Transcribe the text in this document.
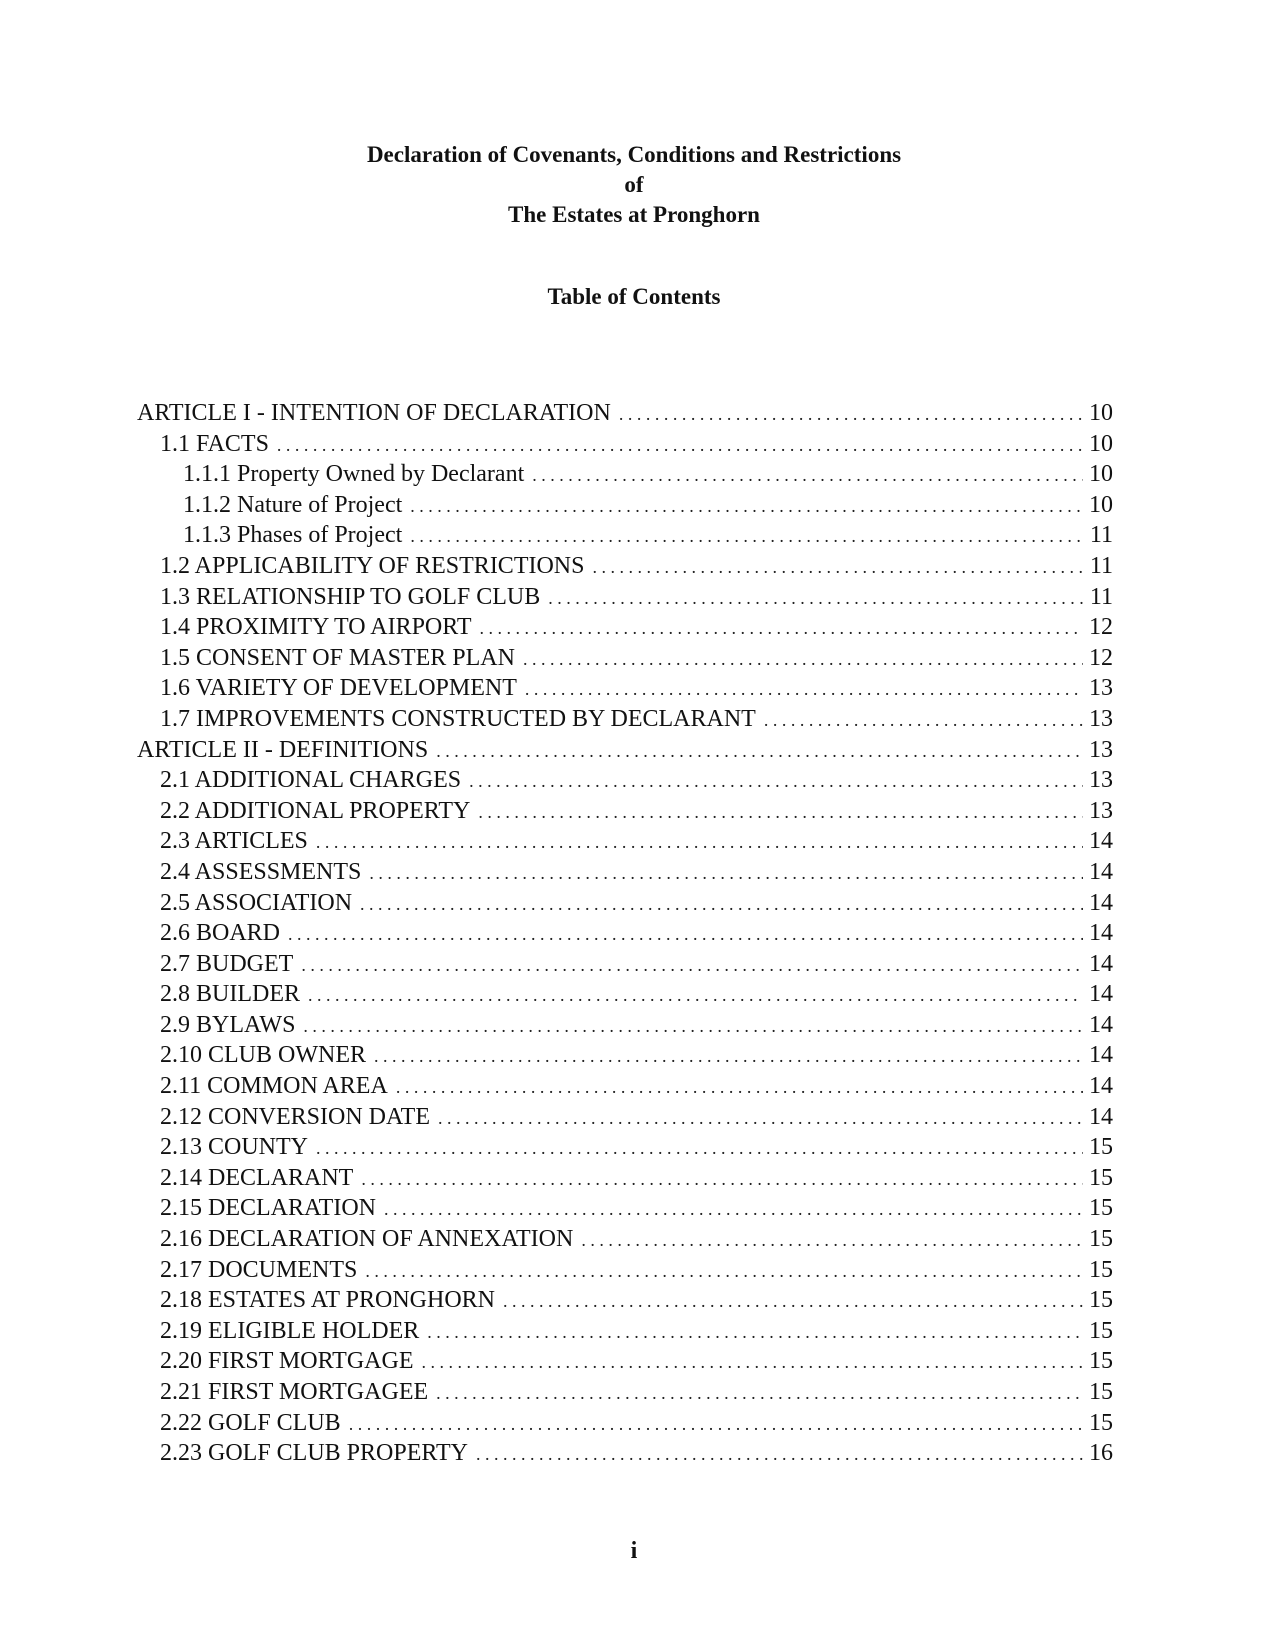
Declaration of Covenants, Conditions and Restrictions
of
The Estates at Pronghorn
Table of Contents
ARTICLE I - INTENTION OF DECLARATION . . .	10
1.1 FACTS . . .	10
1.1.1 Property Owned by Declarant . . .	10
1.1.2 Nature of Project . . .	10
1.1.3 Phases of Project . . .	11
1.2 APPLICABILITY OF RESTRICTIONS . . .	11
1.3 RELATIONSHIP TO GOLF CLUB . . .	11
1.4 PROXIMITY TO AIRPORT . . .	12
1.5 CONSENT OF MASTER PLAN . . .	12
1.6 VARIETY OF DEVELOPMENT . . .	13
1.7 IMPROVEMENTS CONSTRUCTED BY DECLARANT . . .	13
ARTICLE II - DEFINITIONS . . .	13
2.1 ADDITIONAL CHARGES . . .	13
2.2 ADDITIONAL PROPERTY . . .	13
2.3 ARTICLES . . .	14
2.4 ASSESSMENTS . . .	14
2.5 ASSOCIATION . . .	14
2.6 BOARD . . .	14
2.7 BUDGET . . .	14
2.8 BUILDER . . .	14
2.9 BYLAWS . . .	14
2.10 CLUB OWNER . . .	14
2.11 COMMON AREA . . .	14
2.12 CONVERSION DATE . . .	14
2.13 COUNTY . . .	15
2.14 DECLARANT . . .	15
2.15 DECLARATION . . .	15
2.16 DECLARATION OF ANNEXATION . . .	15
2.17 DOCUMENTS . . .	15
2.18 ESTATES AT PRONGHORN . . .	15
2.19 ELIGIBLE HOLDER . . .	15
2.20 FIRST MORTGAGE . . .	15
2.21 FIRST MORTGAGEE . . .	15
2.22 GOLF CLUB . . .	15
2.23 GOLF CLUB PROPERTY . . .	16
i
